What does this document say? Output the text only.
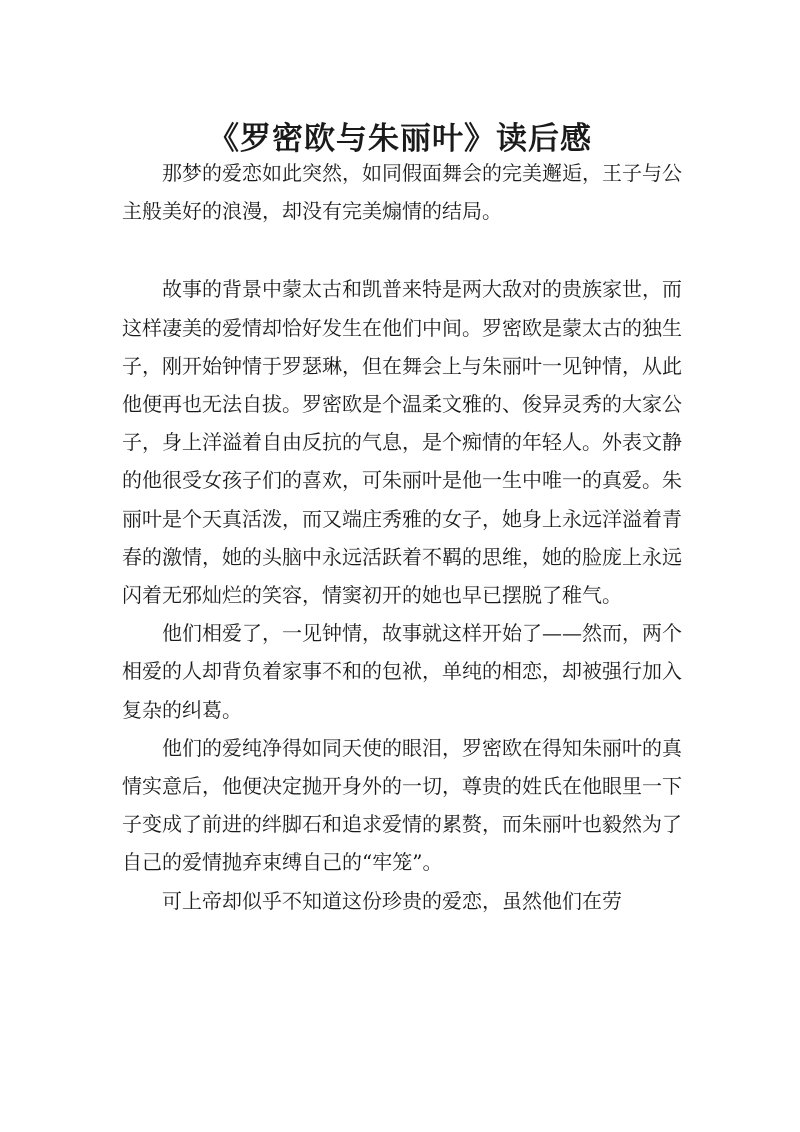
《罗密欧与朱丽叶》读后感

那梦的爱恋如此突然，如同假面舞会的完美邂逅，王子与公主般美好的浪漫，却没有完美煽情的结局。

故事的背景中蒙太古和凯普来特是两大敌对的贵族家世，而这样凄美的爱情却恰好发生在他们中间。罗密欧是蒙太古的独生子，刚开始钟情于罗瑟琳，但在舞会上与朱丽叶一见钟情，从此他便再也无法自拔。罗密欧是个温柔文雅的、俊异灵秀的大家公子，身上洋溢着自由反抗的气息，是个痴情的年轻人。外表文静的他很受女孩子们的喜欢，可朱丽叶是他一生中唯一的真爱。朱丽叶是个天真活泼，而又端庄秀雅的女子，她身上永远洋溢着青春的激情，她的头脑中永远活跃着不羁的思维，她的脸庞上永远闪着无邪灿烂的笑容，情窦初开的她也早已摆脱了稚气。

他们相爱了，一见钟情，故事就这样开始了——然而，两个相爱的人却背负着家事不和的包袱，单纯的相恋，却被强行加入复杂的纠葛。

他们的爱纯净得如同天使的眼泪，罗密欧在得知朱丽叶的真情实意后，他便决定抛开身外的一切，尊贵的姓氏在他眼里一下子变成了前进的绊脚石和追求爱情的累赘，而朱丽叶也毅然为了自己的爱情抛弃束缚自己的“牢笼”。

可上帝却似乎不知道这份珍贵的爱恋，虽然他们在劳
